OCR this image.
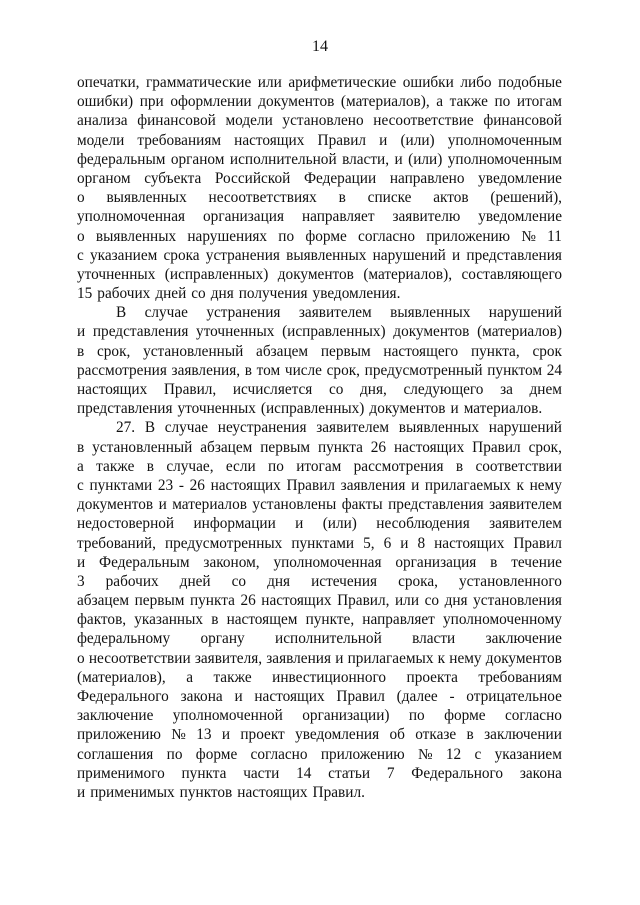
14
опечатки, грамматические или арифметические ошибки либо подобные
ошибки) при оформлении документов (материалов), а также по итогам
анализа финансовой модели установлено несоответствие финансовой
модели требованиям настоящих Правил и (или) уполномоченным
федеральным органом исполнительной власти, и (или) уполномоченным
органом субъекта Российской Федерации направлено уведомление
о выявленных несоответствиях в списке актов (решений),
уполномоченная организация направляет заявителю уведомление
о выявленных нарушениях по форме согласно приложению № 11
с указанием срока устранения выявленных нарушений и представления
уточненных (исправленных) документов (материалов), составляющего
15 рабочих дней со дня получения уведомления.
В случае устранения заявителем выявленных нарушений
и представления уточненных (исправленных) документов (материалов)
в срок, установленный абзацем первым настоящего пункта, срок
рассмотрения заявления, в том числе срок, предусмотренный пунктом 24
настоящих Правил, исчисляется со дня, следующего за днем
представления уточненных (исправленных) документов и материалов.
27. В случае неустранения заявителем выявленных нарушений
в установленный абзацем первым пункта 26 настоящих Правил срок,
а также в случае, если по итогам рассмотрения в соответствии
с пунктами 23 - 26 настоящих Правил заявления и прилагаемых к нему
документов и материалов установлены факты представления заявителем
недостоверной информации и (или) несоблюдения заявителем
требований, предусмотренных пунктами 5, 6 и 8 настоящих Правил
и Федеральным законом, уполномоченная организация в течение
3 рабочих дней со дня истечения срока, установленного
абзацем первым пункта 26 настоящих Правил, или со дня установления
фактов, указанных в настоящем пункте, направляет уполномоченному
федеральному органу исполнительной власти заключение
о несоответствии заявителя, заявления и прилагаемых к нему документов
(материалов), а также инвестиционного проекта требованиям
Федерального закона и настоящих Правил (далее - отрицательное
заключение уполномоченной организации) по форме согласно
приложению № 13 и проект уведомления об отказе в заключении
соглашения по форме согласно приложению № 12 с указанием
применимого пункта части 14 статьи 7 Федерального закона
и применимых пунктов настоящих Правил.
